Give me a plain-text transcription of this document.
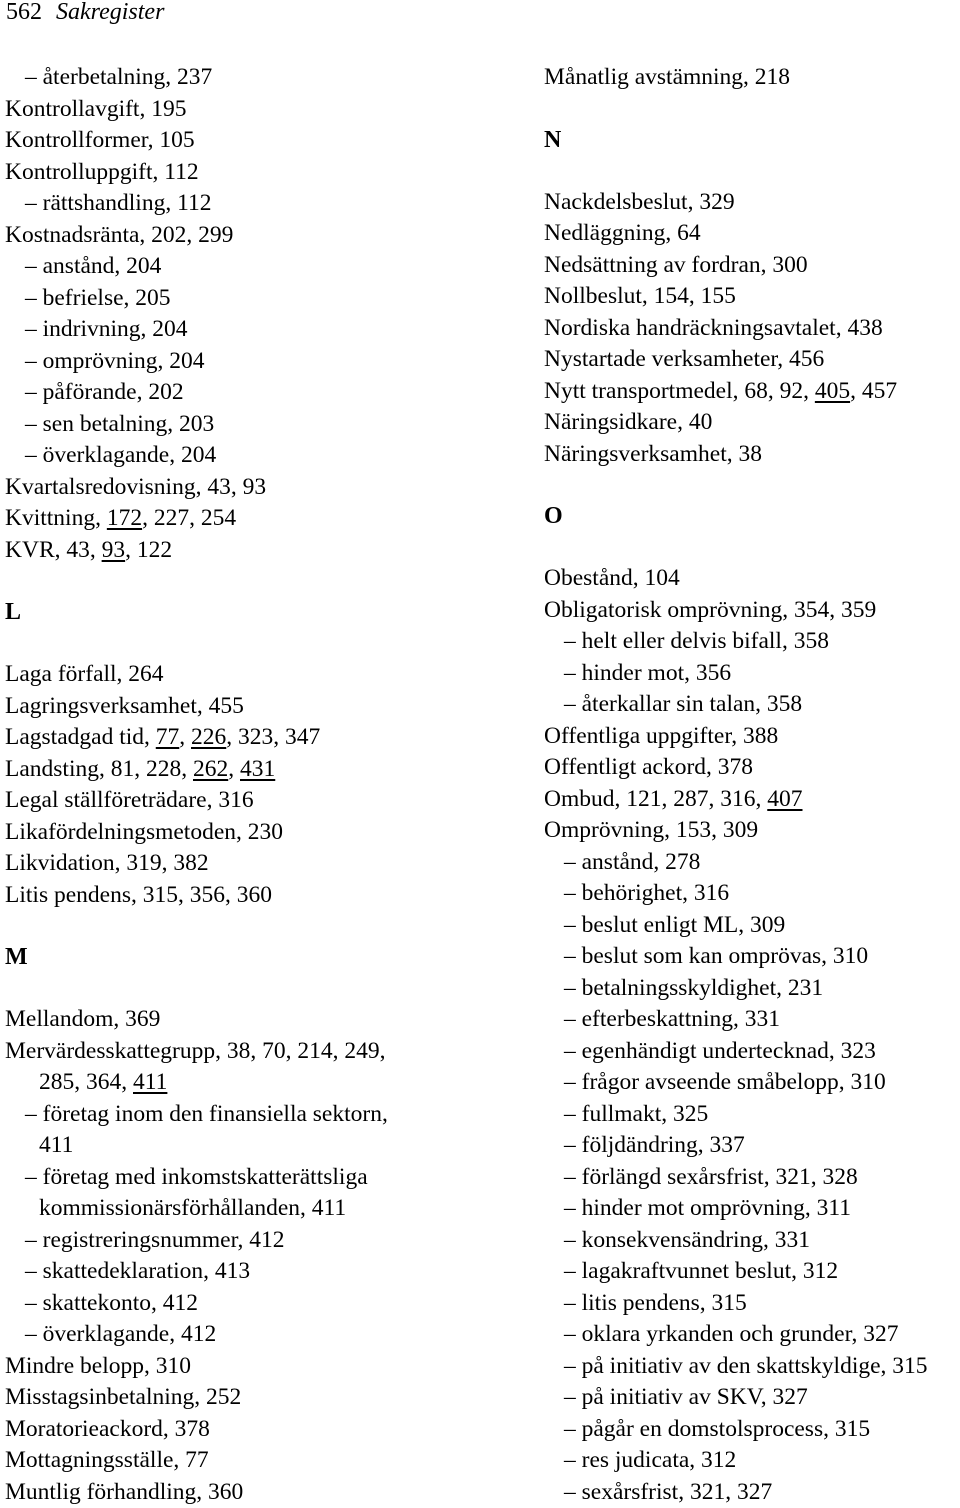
562 Sakregister
– återbetalning, 237
Kontrollavgift, 195
Kontrollformer, 105
Kontrolluppgift, 112
– rättshandling, 112
Kostnadsränta, 202, 299
– anstånd, 204
– befrielse, 205
– indrivning, 204
– omprövning, 204
– påförande, 202
– sen betalning, 203
– överklagande, 204
Kvartalsredovisning, 43, 93
Kvittning, 172, 227, 254
KVR, 43, 93, 122
L
Laga förfall, 264
Lagringsverksamhet, 455
Lagstadgad tid, 77, 226, 323, 347
Landsting, 81, 228, 262, 431
Legal ställföreträdare, 316
Likafördelningsmetoden, 230
Likvidation, 319, 382
Litis pendens, 315, 356, 360
M
Mellandom, 369
Mervärdesskattegrupp, 38, 70, 214, 249,
285, 364, 411
– företag inom den finansiella sektorn,
411
– företag med inkomstskatterättsliga
kommissionärsförhållanden, 411
– registreringsnummer, 412
– skattedeklaration, 413
– skattekonto, 412
– överklagande, 412
Mindre belopp, 310
Misstagsinbetalning, 252
Moratorieackord, 378
Mottagningsställe, 77
Muntlig förhandling, 360
Månatlig avstämning, 218
N
Nackdelsbeslut, 329
Nedläggning, 64
Nedsättning av fordran, 300
Nollbeslut, 154, 155
Nordiska handräckningsavtalet, 438
Nystartade verksamheter, 456
Nytt transportmedel, 68, 92, 405, 457
Näringsidkare, 40
Näringsverksamhet, 38
O
Obestånd, 104
Obligatorisk omprövning, 354, 359
– helt eller delvis bifall, 358
– hinder mot, 356
– återkallar sin talan, 358
Offentliga uppgifter, 388
Offentligt ackord, 378
Ombud, 121, 287, 316, 407
Omprövning, 153, 309
– anstånd, 278
– behörighet, 316
– beslut enligt ML, 309
– beslut som kan omprövas, 310
– betalningsskyldighet, 231
– efterbeskattning, 331
– egenhändigt undertecknad, 323
– frågor avseende småbelopp, 310
– fullmakt, 325
– följdändring, 337
– förlängd sexårsfrist, 321, 328
– hinder mot omprövning, 311
– konsekvensändring, 331
– lagakraftvunnet beslut, 312
– litis pendens, 315
– oklara yrkanden och grunder, 327
– på initiativ av den skattskyldige, 315
– på initiativ av SKV, 327
– pågår en domstolsprocess, 315
– res judicata, 312
– sexårsfrist, 321, 327
